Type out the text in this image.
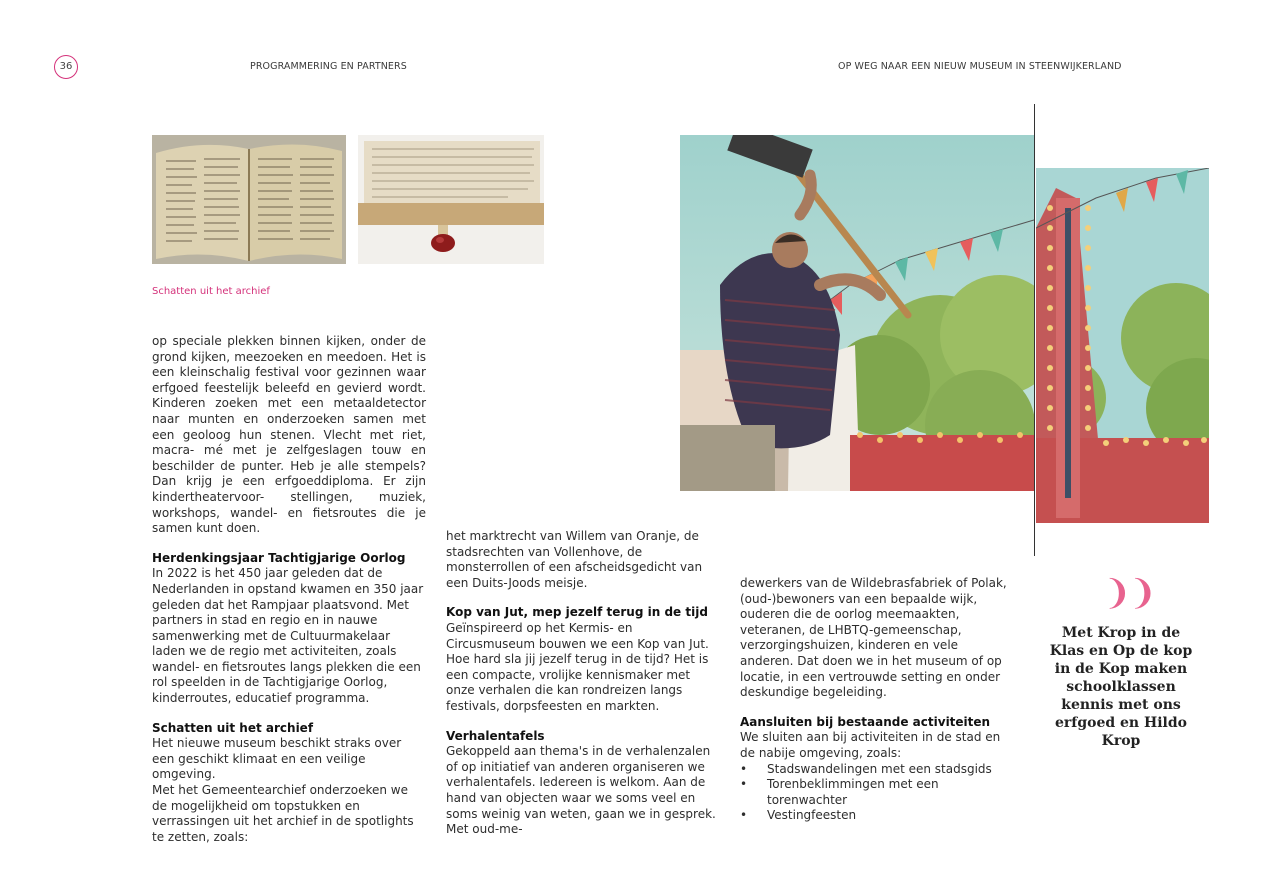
36	PROGRAMMERING EN PARTNERS	OP WEG NAAR EEN NIEUW MUSEUM IN STEENWIJKERLAND
Schatten uit het archief

op speciale plekken binnen kijken, onder de grond kijken, meezoeken en meedoen. Het is een kleinschalig festival voor gezinnen waar erfgoed feestelijk beleefd en gevierd wordt. Kinderen zoeken met een metaaldetector naar munten en onderzoeken samen met een geoloog hun stenen. Vlecht met riet, macra- mé met je zelfgeslagen touw en beschilder de punter. Heb je alle stempels? Dan krijg je een erfgoeddiploma. Er zijn kindertheatervoor- stellingen, muziek, workshops, wandel- en fietsroutes die je samen kunt doen.

Herdenkingsjaar Tachtigjarige Oorlog

In 2022 is het 450 jaar geleden dat de Nederlanden in opstand kwamen en 350 jaar geleden dat het Rampjaar plaatsvond. Met partners in stad en regio en in nauwe samenwerking met de Cultuurmakelaar laden we de regio met activiteiten, zoals wandel- en fietsroutes langs plekken die een rol speelden in de Tachtigjarige Oorlog, kinderroutes, educatief programma.

Schatten uit het archief

Het nieuwe museum beschikt straks over een geschikt klimaat en een veilige omgeving.

Met het Gemeentearchief onderzoeken we de mogelijkheid om topstukken en verrassingen uit het archief in de spotlights te zetten, zoals:

het marktrecht van Willem van Oranje, de stadsrechten van Vollenhove, de monsterrollen of een afscheidsgedicht van een Duits-Joods meisje.

Kop van Jut, mep jezelf terug in de tijd

Geïnspireerd op het Kermis- en Circusmuseum bouwen we een Kop van Jut. Hoe hard sla jij jezelf terug in de tijd? Het is een compacte, vrolijke kennismaker met onze verhalen die kan rondreizen langs festivals, dorpsfeesten en markten.

Verhalentafels

Gekoppeld aan thema's in de verhalenzalen of op initiatief van anderen organiseren we verhalentafels. Iedereen is welkom. Aan de hand van objecten waar we soms veel en soms weinig van weten, gaan we in gesprek. Met oud-me-

dewerkers van de Wildebrasfabriek of Polak, (oud-)bewoners van een bepaalde wijk, ouderen die de oorlog meemaakten, veteranen, de LHBTQ-gemeenschap, verzorgingshuizen, kinderen en vele anderen. Dat doen we in het museum of op locatie, in een vertrouwde setting en onder deskundige begeleiding.

Aansluiten bij bestaande activiteiten

We sluiten aan bij activiteiten in de stad en de nabije omgeving, zoals:

• Stadswandelingen met een stadsgids
• Torenbeklimmingen met een torenwachter
• Vestingfeesten
❩❩
Met Krop in de Klas en Op de kop in de Kop maken schoolklassen kennis met ons erfgoed en Hildo Krop
